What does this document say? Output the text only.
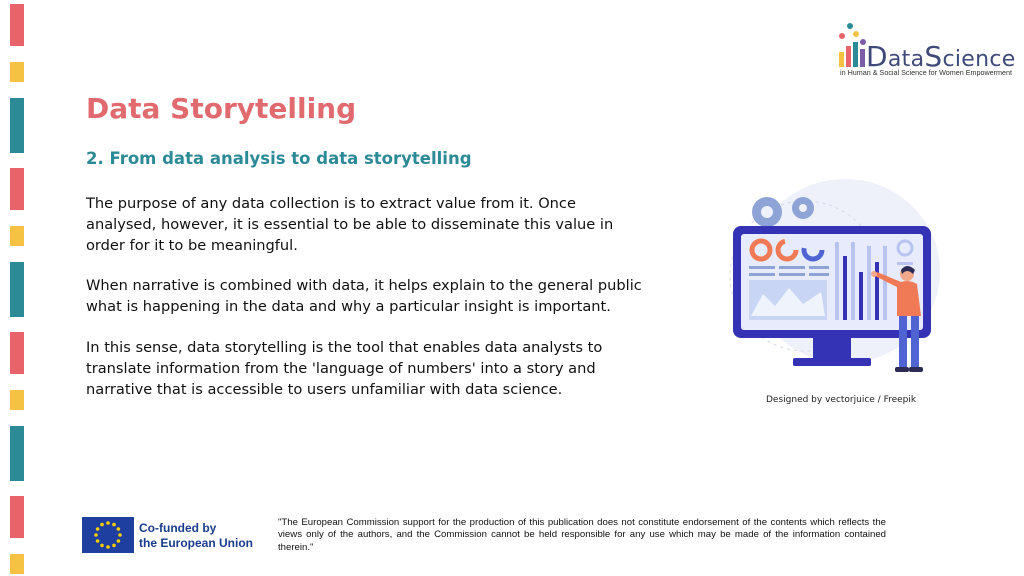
DataScience
in Human & Social Science for Women Empowerment
Data Storytelling
2. From data analysis to data storytelling

The purpose of any data collection is to extract value from it. Once analysed, however, it is essential to be able to disseminate this value in order for it to be meaningful.

When narrative is combined with data, it helps explain to the general public what is happening in the data and why a particular insight is important.

In this sense, data storytelling is the tool that enables data analysts to translate information from the 'language of numbers' into a story and narrative that is accessible to users unfamiliar with data science.

Designed by vectorjuice / Freepik
Co-funded by
the European Union

"The European Commission support for the production of this publication does not constitute endorsement of the contents which reflects the views only of the authors, and the Commission cannot be held responsible for any use which may be made of the information contained therein."
